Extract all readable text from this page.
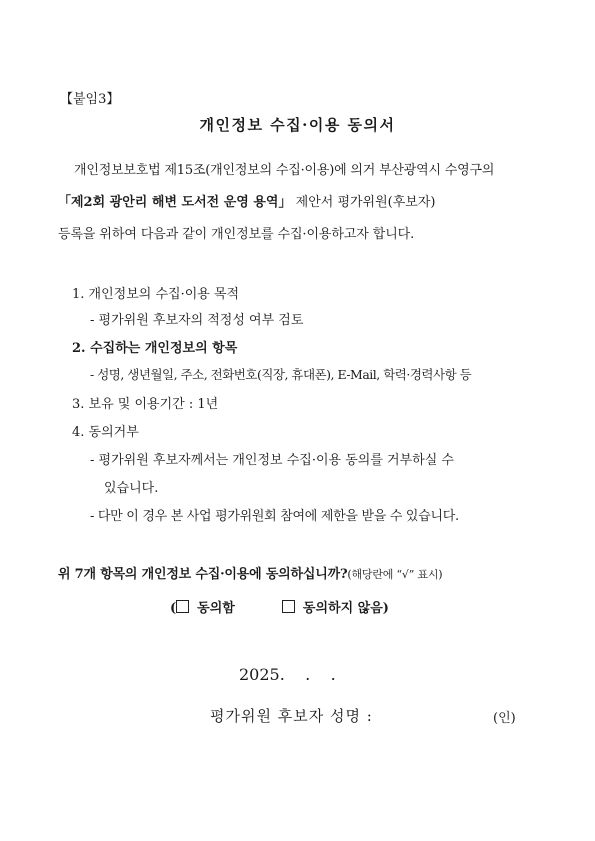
【붙임3】
개인정보 수집·이용 동의서
개인정보보호법 제15조(개인정보의 수집·이용)에 의거 부산광역시 수영구의
「제2회 광안리 해변 도서전 운영 용역」 제안서 평가위원(후보자)
등록을 위하여 다음과 같이 개인정보를 수집·이용하고자 합니다.
1. 개인정보의 수집·이용 목적
- 평가위원 후보자의 적정성 여부 검토
2. 수집하는 개인정보의 항목
- 성명, 생년월일, 주소, 전화번호(직장, 휴대폰), E-Mail, 학력·경력사항 등
3. 보유 및 이용기간 : 1년
4. 동의거부
- 평가위원 후보자께서는 개인정보 수집·이용 동의를 거부하실 수
있습니다.
- 다만 이 경우 본 사업 평가위원회 참여에 제한을 받을 수 있습니다.
위 7개 항목의 개인정보 수집·이용에 동의하십니까?(해당란에 “√” 표시)
( 동의함	동의하지 않음)
2025.    .    .
평가위원 후보자 성명 :	(인)
